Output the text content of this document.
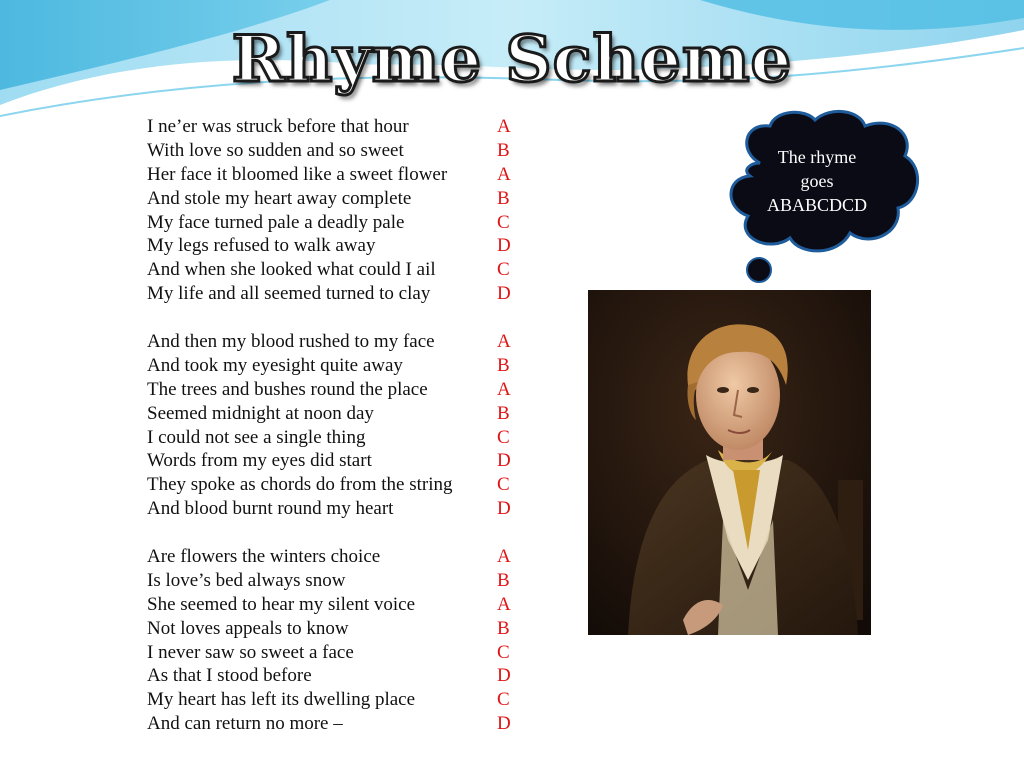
Rhyme Scheme
I ne’er was struck before that hour	A
With love so sudden and so sweet	B
Her face it bloomed like a sweet flower	A
And stole my heart away complete	B
My face turned pale a deadly pale	C
My legs refused to walk away	D
And when she looked what could I ail	C
My life and all seemed turned to clay	D
And then my blood rushed to my face	A
And took my eyesight quite away	B
The trees and bushes round the place	A
Seemed midnight at noon day	B
I could not see a single thing	C
Words from my eyes did start	D
They spoke as chords do from the string	C
And blood burnt round my heart	D
Are flowers the winters choice	A
Is love’s bed always snow	B
She seemed to hear my silent voice	A
Not loves appeals to know	B
I never saw so sweet a face	C
As that I stood before	D
My heart has left its dwelling place	C
And can return no more –	D
The rhyme
goes
ABABCDCD
